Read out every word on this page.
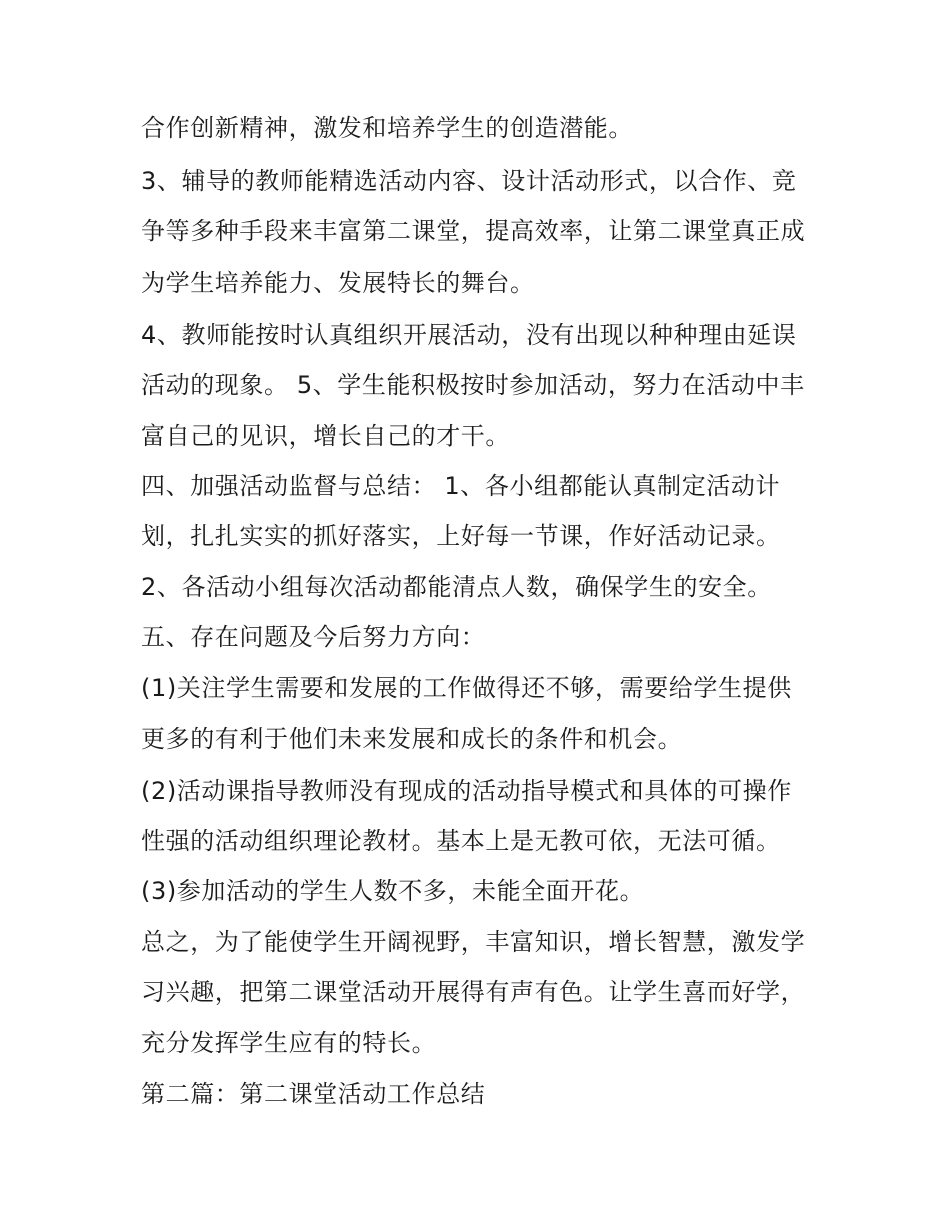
合作创新精神，激发和培养学生的创造潜能。

3、辅导的教师能精选活动内容、设计活动形式，以合作、竞

争等多种手段来丰富第二课堂，提高效率，让第二课堂真正成

为学生培养能力、发展特长的舞台。

4、教师能按时认真组织开展活动，没有出现以种种理由延误

活动的现象。 5、学生能积极按时参加活动，努力在活动中丰

富自己的见识，增长自己的才干。

四、加强活动监督与总结： 1、各小组都能认真制定活动计

划，扎扎实实的抓好落实，上好每一节课，作好活动记录。

2、各活动小组每次活动都能清点人数，确保学生的安全。

五、存在问题及今后努力方向：

(1)关注学生需要和发展的工作做得还不够，需要给学生提供

更多的有利于他们未来发展和成长的条件和机会。

(2)活动课指导教师没有现成的活动指导模式和具体的可操作

性强的活动组织理论教材。基本上是无教可依，无法可循。

(3)参加活动的学生人数不多，未能全面开花。

总之，为了能使学生开阔视野，丰富知识，增长智慧，激发学

习兴趣，把第二课堂活动开展得有声有色。让学生喜而好学，

充分发挥学生应有的特长。

第二篇：第二课堂活动工作总结
